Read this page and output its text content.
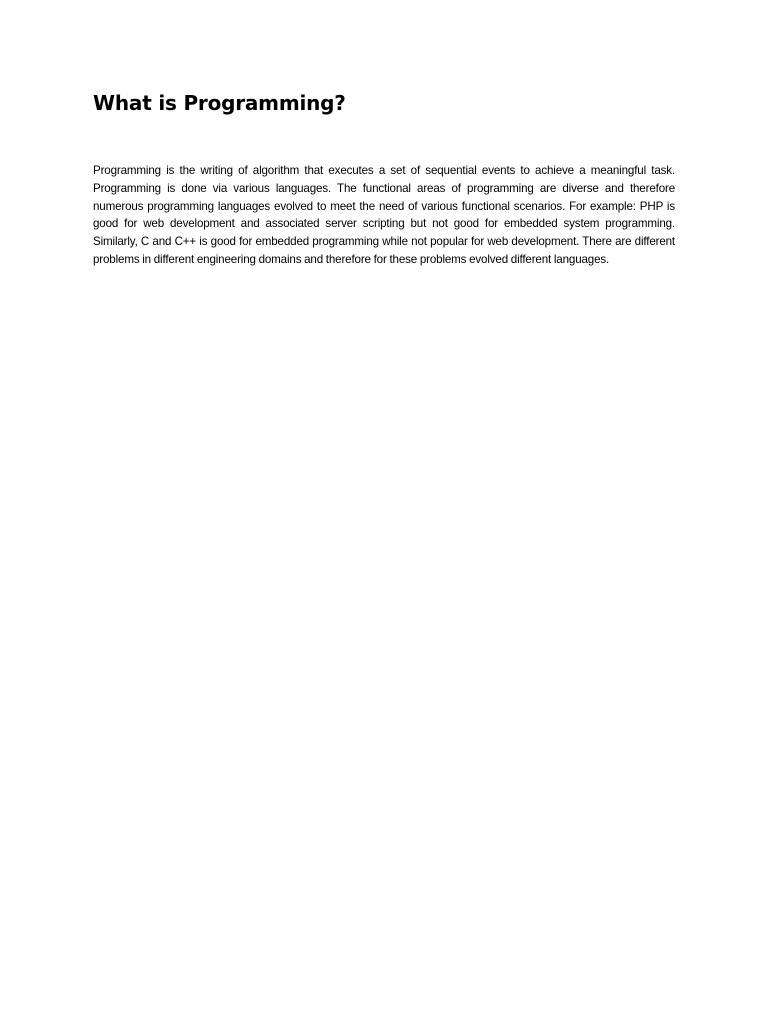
What is Programming?

Programming is the writing of algorithm that executes a set of sequential events to achieve a meaningful task. Programming is done via various languages. The functional areas of programming are diverse and therefore numerous programming languages evolved to meet the need of various functional scenarios. For example: PHP is good for web development and associated server scripting but not good for embedded system programming. Similarly, C and C++ is good for embedded programming while not popular for web development. There are different problems in different engineering domains and therefore for these problems evolved different languages.
